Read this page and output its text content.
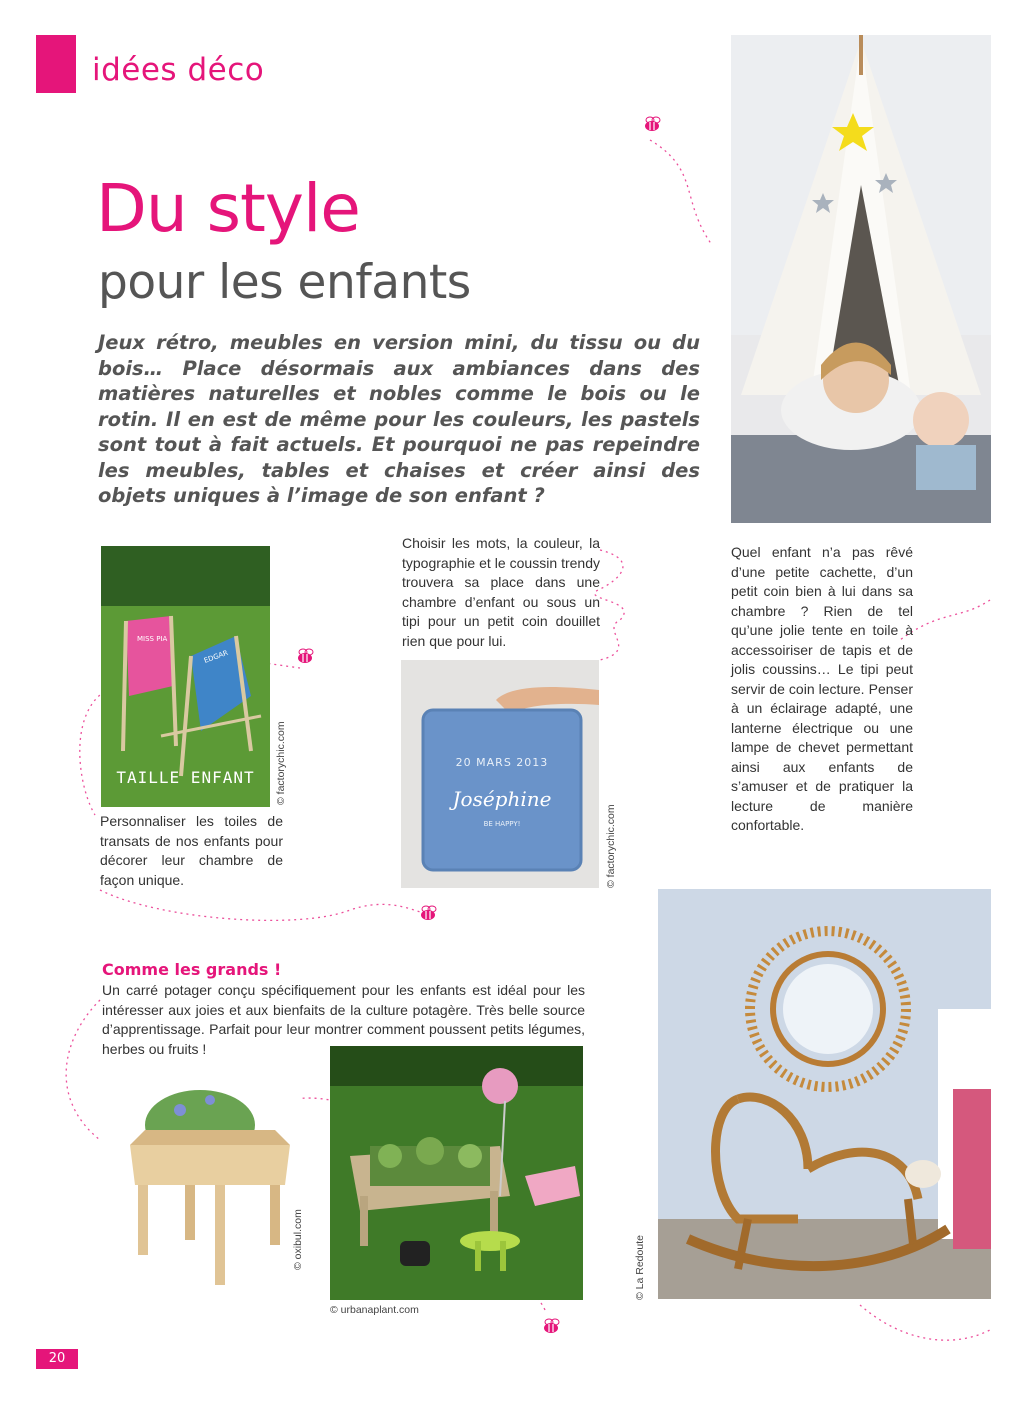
idées déco
Du style
pour les enfants
Jeux rétro, meubles en version mini, du tissu ou du bois… Place désormais aux ambiances dans des matières naturelles et nobles comme le bois ou le rotin. Il en est de même pour les couleurs, les pastels sont tout à fait actuels. Et pourquoi ne pas repeindre les meubles, tables et chaises et créer ainsi des objets uniques à l’image de son enfant ?
MISS PIA
EDGAR
TAILLE ENFANT	© factorychic.com
Personnaliser les toiles de transats de nos enfants pour décorer leur chambre de façon unique.
Choisir les mots, la couleur, la typographie et le coussin trendy trouvera sa place dans une chambre d’enfant ou sous un tipi pour un petit coin douillet rien que pour lui.
20 MARS 2013
Joséphine
BE HAPPY!	© factorychic.com
Quel enfant n’a pas rêvé d’une petite cachette, d’un petit coin bien à lui dans sa chambre ? Rien de tel qu’une jolie tente en toile à accessoiriser de tapis et de jolis coussins… Le tipi peut servir de coin lecture. Penser à un éclairage adapté, une lanterne électrique ou une lampe de chevet permettant ainsi aux enfants de s’amuser et de pratiquer la lecture de manière confortable.
Comme les grands !
Un carré potager conçu spécifiquement pour les enfants est idéal pour les intéresser aux joies et aux bienfaits de la culture potagère. Très belle source d’apprentissage. Parfait pour leur montrer comment poussent petits légumes, herbes ou fruits !
© oxibul.com
© urbanaplant.com
© La Redoute
20
